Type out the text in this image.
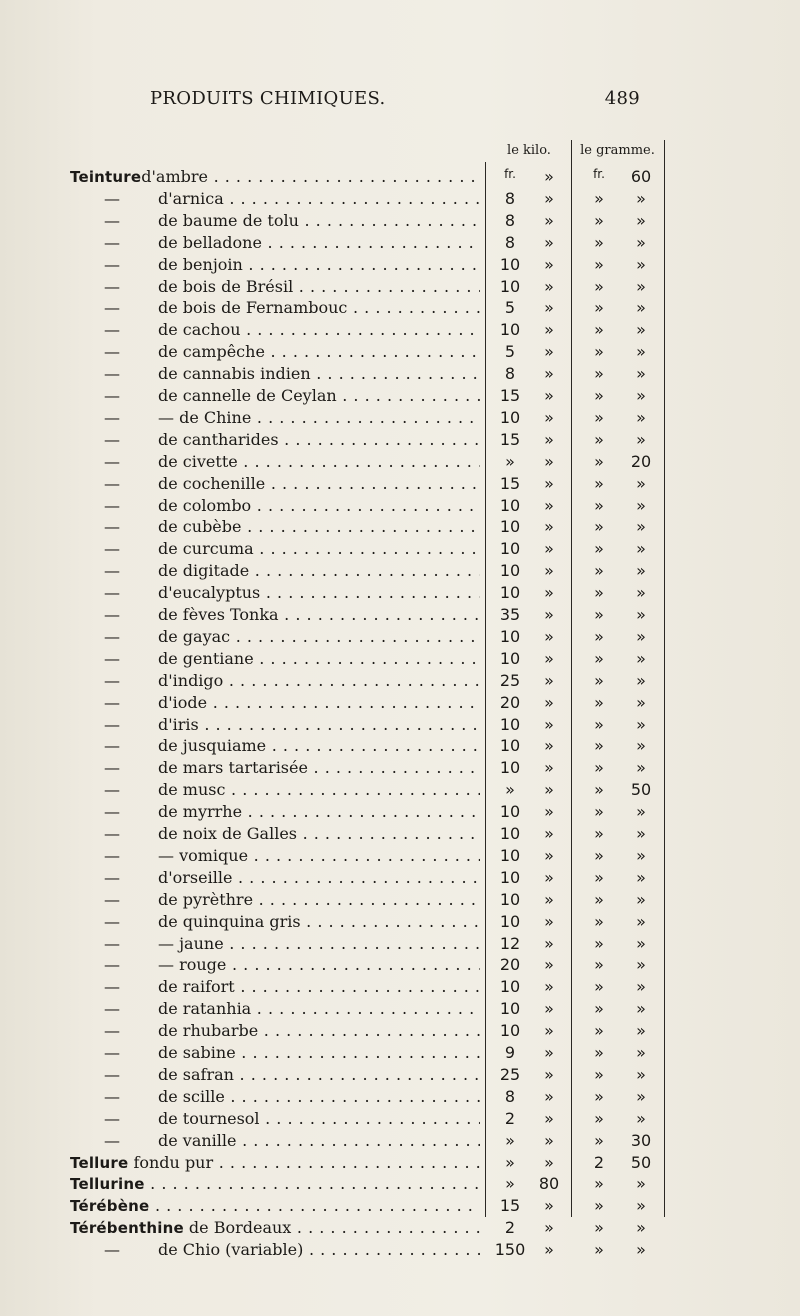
PRODUITS CHIMIQUES.	489
le kilo.	le gramme.
Teintured'ambre . . .	fr.	»	fr.	60
— d'arnica . . .	8	»	»	»
— de baume de tolu . . .	8	»	»	»
— de belladone . . .	8	»	»	»
— de benjoin . . .	10	»	»	»
— de bois de Brésil . . .	10	»	»	»
— de bois de Fernambouc . . .	5	»	»	»
— de cachou . . .	10	»	»	»
— de campêche . . .	5	»	»	»
— de cannabis indien . . .	8	»	»	»
— de cannelle de Ceylan . . .	15	»	»	»
— — de Chine . . .	10	»	»	»
— de cantharides . . .	15	»	»	»
— de civette . . .	»	»	»	20
— de cochenille . . .	15	»	»	»
— de colombo . . .	10	»	»	»
— de cubèbe . . .	10	»	»	»
— de curcuma . . .	10	»	»	»
— de digitade . . .	10	»	»	»
— d'eucalyptus . . .	10	»	»	»
— de fèves Tonka . . .	35	»	»	»
— de gayac . . .	10	»	»	»
— de gentiane . . .	10	»	»	»
— d'indigo . . .	25	»	»	»
— d'iode . . .	20	»	»	»
— d'iris . . .	10	»	»	»
— de jusquiame . . .	10	»	»	»
— de mars tartarisée . . .	10	»	»	»
— de musc . . .	»	»	»	50
— de myrrhe . . .	10	»	»	»
— de noix de Galles . . .	10	»	»	»
— — vomique . . .	10	»	»	»
— d'orseille . . .	10	»	»	»
— de pyrèthre . . .	10	»	»	»
— de quinquina gris . . .	10	»	»	»
— — jaune . . .	12	»	»	»
— — rouge . . .	20	»	»	»
— de raifort . . .	10	»	»	»
— de ratanhia . . .	10	»	»	»
— de rhubarbe . . .	10	»	»	»
— de sabine . . .	9	»	»	»
— de safran . . .	25	»	»	»
— de scille . . .	8	»	»	»
— de tournesol . . .	2	»	»	»
— de vanille . . .	»	»	»	30
Tellure fondu pur . . .	»	»	2	50
Tellurine . . .	»	80	»	»
Térébène . . .	15	»	»	»
Térébenthine de Bordeaux . . .	2	»	»	»
— de Chio (variable) . . .	150	»	»	»
